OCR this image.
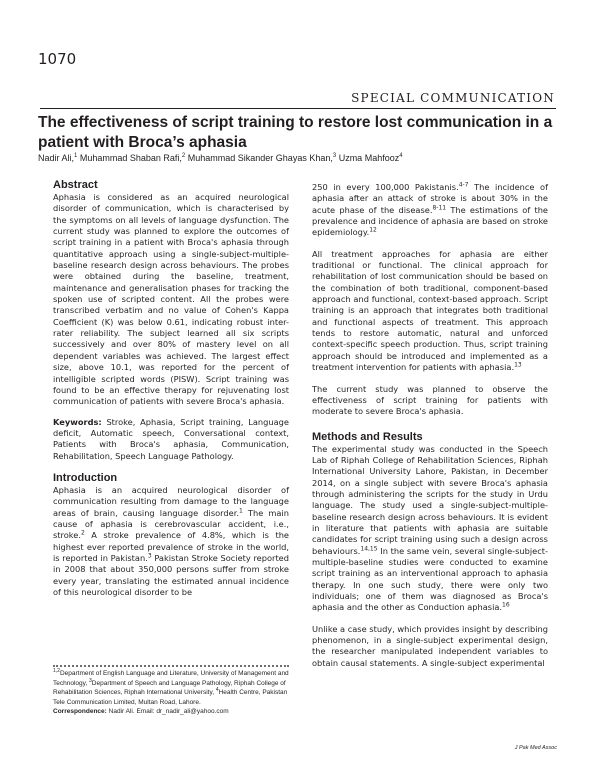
1070
SPECIAL COMMUNICATION
The effectiveness of script training to restore lost communication in a patient with Broca’s aphasia
Nadir Ali,$^1$ Muhammad Shaban Rafi,$^2$ Muhammad Sikander Ghayas Khan,$^3$ Uzma Mahfooz$^4$
Abstract

Aphasia is considered as an acquired neurological disorder of communication, which is characterised by the symptoms on all levels of language dysfunction. The current study was planned to explore the outcomes of script training in a patient with Broca's aphasia through quantitative approach using a single-subject-multiple-baseline research design across behaviours. The probes were obtained during the baseline, treatment, maintenance and generalisation phases for tracking the spoken use of scripted content. All the probes were transcribed verbatim and no value of Cohen's Kappa Coefficient (K) was below 0.61, indicating robust inter-rater reliability. The subject learned all six scripts successively and over 80% of mastery level on all dependent variables was achieved. The largest effect size, above 10.1, was reported for the percent of intelligible scripted words (PISW). Script training was found to be an effective therapy for rejuvenating lost communication of patients with severe Broca's aphasia.

Keywords: Stroke, Aphasia, Script training, Language deficit, Automatic speech, Conversational context, Patients with Broca's aphasia, Communication, Rehabilitation, Speech Language Pathology.

Introduction

Aphasia is an acquired neurological disorder of communication resulting from damage to the language areas of brain, causing language disorder.$^1$ The main cause of aphasia is cerebrovascular accident, i.e., stroke.$^2$ A stroke prevalence of 4.8%, which is the highest ever reported prevalence of stroke in the world, is reported in Pakistan.$^3$ Pakistan Stroke Society reported in 2008 that about 350,000 persons suffer from stroke every year, translating the estimated annual incidence of this neurological disorder to be

$^{1,2}$Department of English Language and Literature, University of Management and Technology, $^3$Department of Speech and Language Pathology, Riphah College of Rehabilitation Sciences, Riphah International University, $^4$Health Centre, Pakistan Tele Communication Limited, Multan Road, Lahore.
Correspondence: Nadir Ali. Email: dr_nadir_ali@yahoo.com

250 in every 100,000 Pakistanis.$^{4-7}$ The incidence of aphasia after an attack of stroke is about 30% in the acute phase of the disease.$^{8-11}$ The estimations of the prevalence and incidence of aphasia are based on stroke epidemiology.$^{12}$

All treatment approaches for aphasia are either traditional or functional. The clinical approach for rehabilitation of lost communication should be based on the combination of both traditional, component-based approach and functional, context-based approach. Script training is an approach that integrates both traditional and functional aspects of treatment. This approach tends to restore automatic, natural and unforced context-specific speech production. Thus, script training approach should be introduced and implemented as a treatment intervention for patients with aphasia.$^{13}$

The current study was planned to observe the effectiveness of script training for patients with moderate to severe Broca's aphasia.

Methods and Results

The experimental study was conducted in the Speech Lab of Riphah College of Rehabilitation Sciences, Riphah International University Lahore, Pakistan, in December 2014, on a single subject with severe Broca's aphasia through administering the scripts for the study in Urdu language. The study used a single-subject-multiple-baseline research design across behaviours. It is evident in literature that patients with aphasia are suitable candidates for script training using such a design across behaviours.$^{14,15}$ In the same vein, several single-subject-multiple-baseline studies were conducted to examine script training as an interventional approach to aphasia therapy. In one such study, there were only two individuals; one of them was diagnosed as Broca's aphasia and the other as Conduction aphasia.$^{16}$

Unlike a case study, which provides insight by describing phenomenon, in a single-subject experimental design, the researcher manipulated independent variables to obtain causal statements. A single-subject experimental

J Pak Med Assoc
